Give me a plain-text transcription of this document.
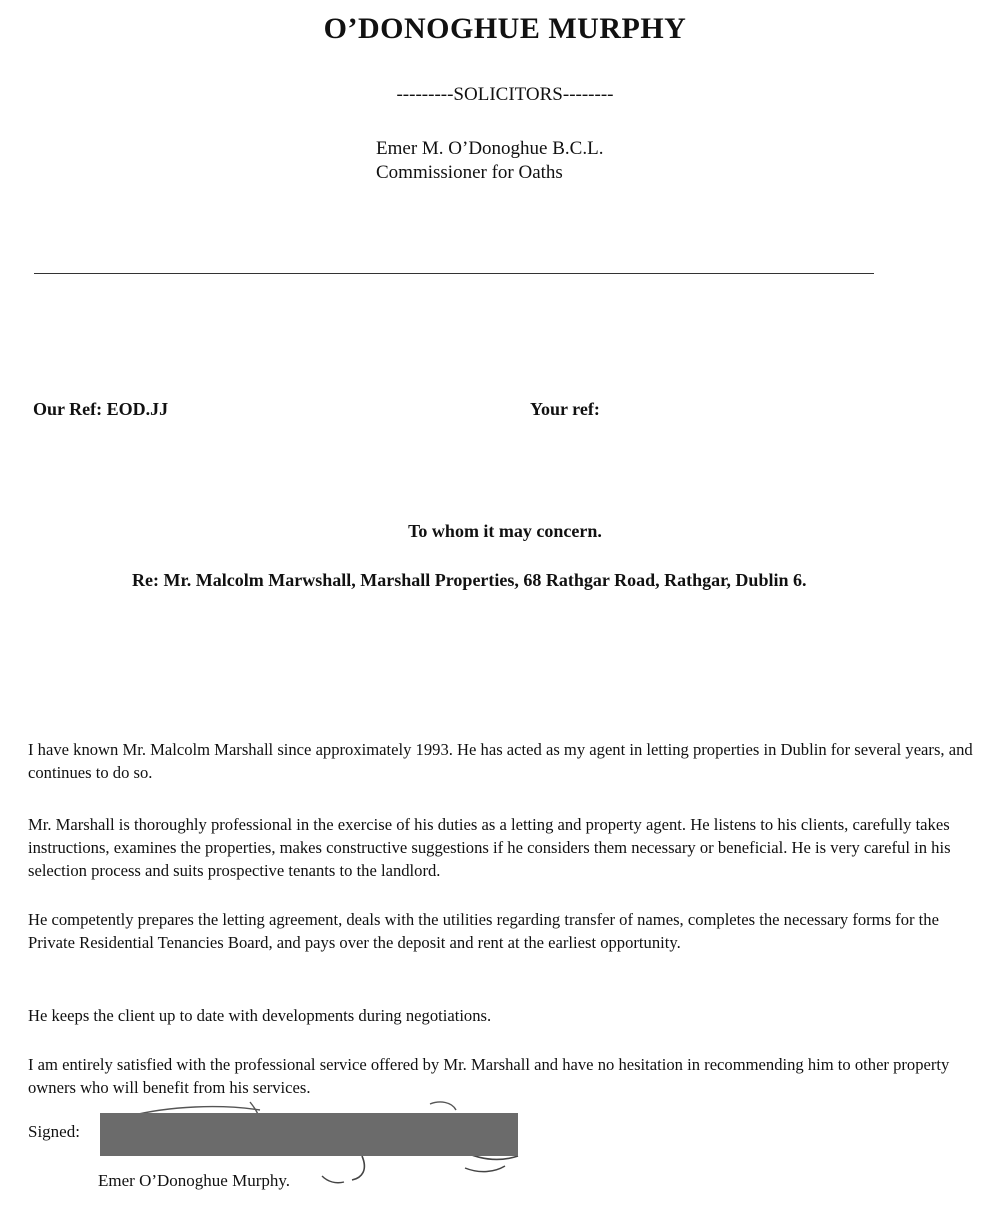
O’DONOGHUE MURPHY
---------SOLICITORS--------
Emer M. O’Donoghue B.C.L.
Commissioner for Oaths
Our Ref: EOD.JJ	Your ref:
To whom it may concern.
Re: Mr. Malcolm Marwshall, Marshall Properties, 68 Rathgar Road, Rathgar, Dublin 6.

I have known Mr. Malcolm Marshall since approximately 1993. He has acted as my agent in letting properties in Dublin for several years, and continues to do so.

Mr. Marshall is thoroughly professional in the exercise of his duties as a letting and property agent. He listens to his clients, carefully takes instructions, examines the properties, makes constructive suggestions if he considers them necessary or beneficial. He is very careful in his selection process and suits prospective tenants to the landlord.

He competently prepares the letting agreement, deals with the utilities regarding transfer of names, completes the necessary forms for the Private Residential Tenancies Board, and pays over the deposit and rent at the earliest opportunity.

He keeps the client up to date with developments during negotiations.

I am entirely satisfied with the professional service offered by Mr. Marshall and have no hesitation in recommending him to other property owners who will benefit from his services.

Signed:
Emer O’Donoghue Murphy.
